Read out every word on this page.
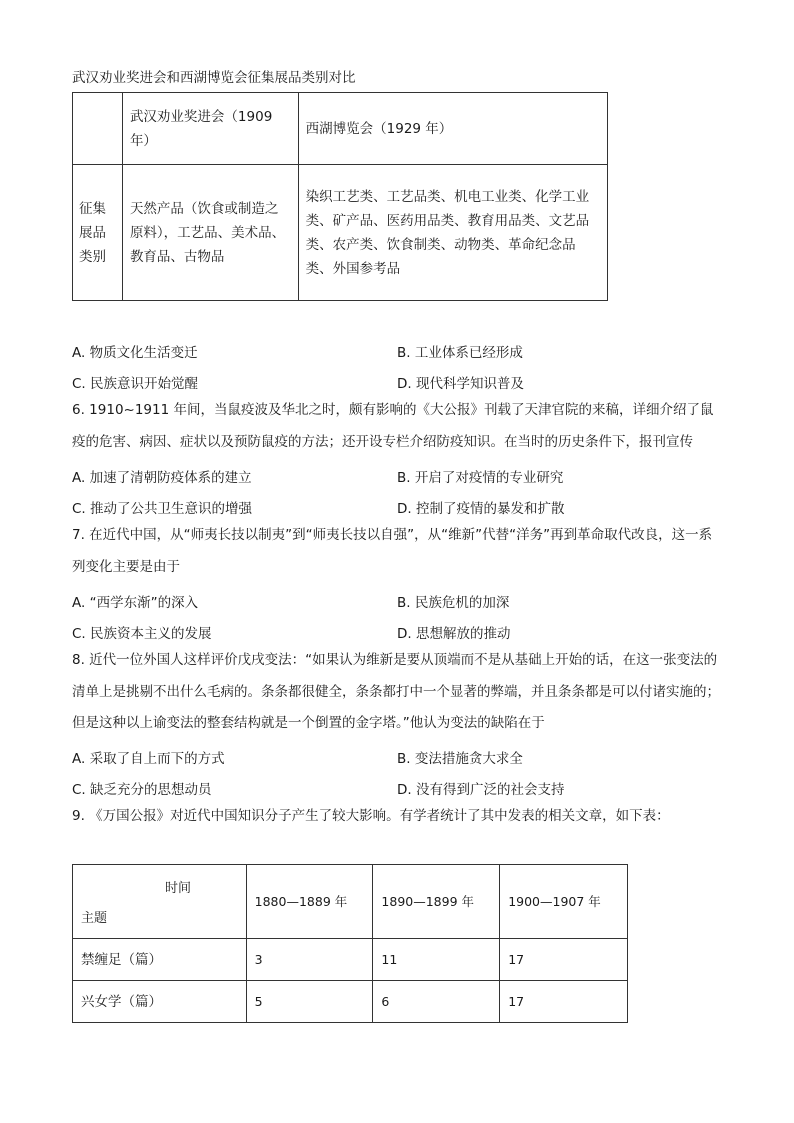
武汉劝业奖进会和西湖博览会征集展品类别对比
	武汉劝业奖进会（1909年）	西湖博览会（1929 年）
征集展品类别	天然产品（饮食或制造之原料），工艺品、美术品、教育品、古物品	染织工艺类、工艺品类、机电工业类、化学工业类、矿产品、医药用品类、教育用品类、文艺品类、农产类、饮食制类、动物类、革命纪念品类、外国参考品
A. 物质文化生活变迁	B. 工业体系已经形成
C. 民族意识开始觉醒	D. 现代科学知识普及
6. 1910~1911 年间，当鼠疫波及华北之时，颇有影响的《大公报》刊载了天津官院的来稿，详细介绍了鼠疫的危害、病因、症状以及预防鼠疫的方法；还开设专栏介绍防疫知识。在当时的历史条件下，报刊宣传
A. 加速了清朝防疫体系的建立	B. 开启了对疫情的专业研究
C. 推动了公共卫生意识的增强	D. 控制了疫情的暴发和扩散
7. 在近代中国，从“师夷长技以制夷”到“师夷长技以自强”，从“维新”代替“洋务”再到革命取代改良，这一系列变化主要是由于
A. “西学东渐”的深入	B. 民族危机的加深
C. 民族资本主义的发展	D. 思想解放的推动
8. 近代一位外国人这样评价戊戌变法：“如果认为维新是要从顶端而不是从基础上开始的话，在这一张变法的清单上是挑剔不出什么毛病的。条条都很健全，条条都打中一个显著的弊端，并且条条都是可以付诸实施的；但是这种以上谕变法的整套结构就是一个倒置的金字塔。”他认为变法的缺陷在于
A. 采取了自上而下的方式	B. 变法措施贪大求全
C. 缺乏充分的思想动员	D. 没有得到广泛的社会支持
9. 《万国公报》对近代中国知识分子产生了较大影响。有学者统计了其中发表的相关文章，如下表：
时间
主题	1880—1889 年	1890—1899 年	1900—1907 年
禁缠足（篇）	3	11	17
兴女学（篇）	5	6	17
